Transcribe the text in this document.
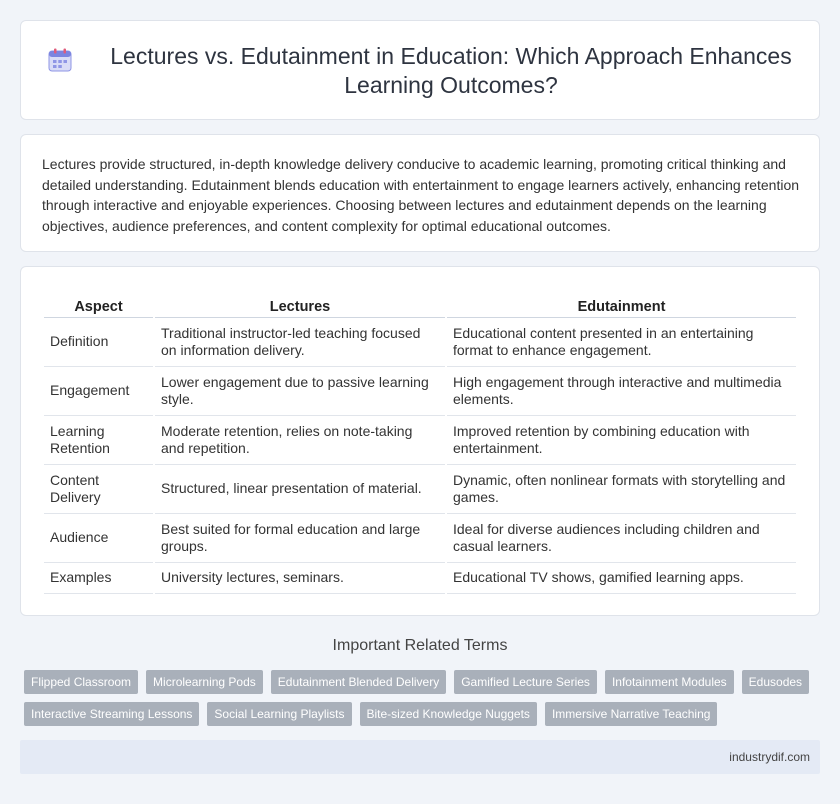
Lectures vs. Edutainment in Education: Which Approach Enhances Learning Outcomes?

Lectures provide structured, in-depth knowledge delivery conducive to academic learning, promoting critical thinking and detailed understanding. Edutainment blends education with entertainment to engage learners actively, enhancing retention through interactive and enjoyable experiences. Choosing between lectures and edutainment depends on the learning objectives, audience preferences, and content complexity for optimal educational outcomes.

Aspect	Lectures	Edutainment
Definition	Traditional instructor-led teaching focused on information delivery.	Educational content presented in an entertaining format to enhance engagement.
Engagement	Lower engagement due to passive learning style.	High engagement through interactive and multimedia elements.
Learning Retention	Moderate retention, relies on note-taking and repetition.	Improved retention by combining education with entertainment.
Content Delivery	Structured, linear presentation of material.	Dynamic, often nonlinear formats with storytelling and games.
Audience	Best suited for formal education and large groups.	Ideal for diverse audiences including children and casual learners.
Examples	University lectures, seminars.	Educational TV shows, gamified learning apps.
Important Related Terms
Flipped Classroom	Microlearning Pods	Edutainment Blended Delivery	Gamified Lecture Series	Infotainment Modules	Edusodes
Interactive Streaming Lessons	Social Learning Playlists	Bite-sized Knowledge Nuggets	Immersive Narrative Teaching
industrydif.com
